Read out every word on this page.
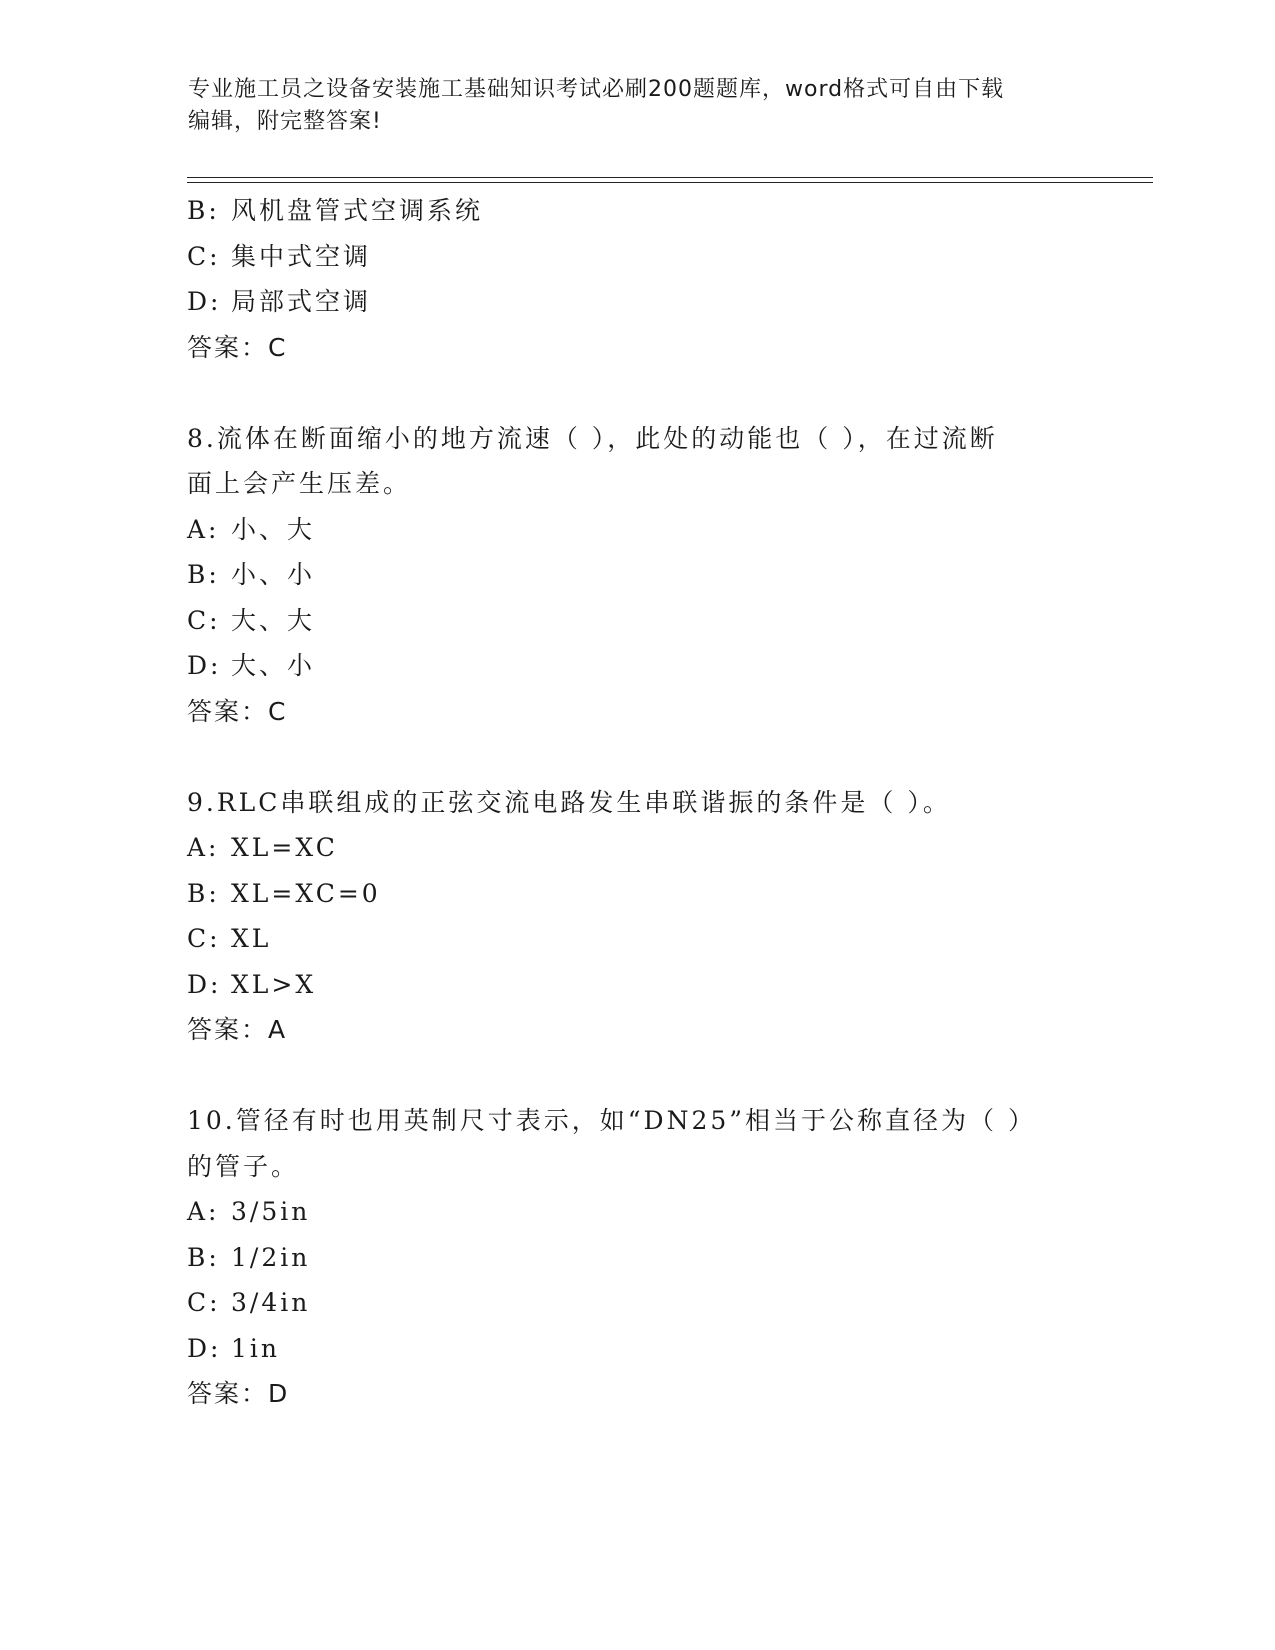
专业施工员之设备安装施工基础知识考试必刷200题题库，word格式可自由下载
编辑，附完整答案!
B: 风机盘管式空调系统
C: 集中式空调
D: 局部式空调
答案：C
8.流体在断面缩小的地方流速（ ），此处的动能也（ ），在过流断
面上会产生压差。
A: 小、大
B: 小、小
C: 大、大
D: 大、小
答案：C
9.RLC串联组成的正弦交流电路发生串联谐振的条件是（ ）。
A: XL=XC
B: XL=XC=0
C: XL
D: XL>X
答案：A
10.管径有时也用英制尺寸表示，如“DN25”相当于公称直径为（ ）
的管子。
A: 3/5in
B: 1/2in
C: 3/4in
D: 1in
答案：D
